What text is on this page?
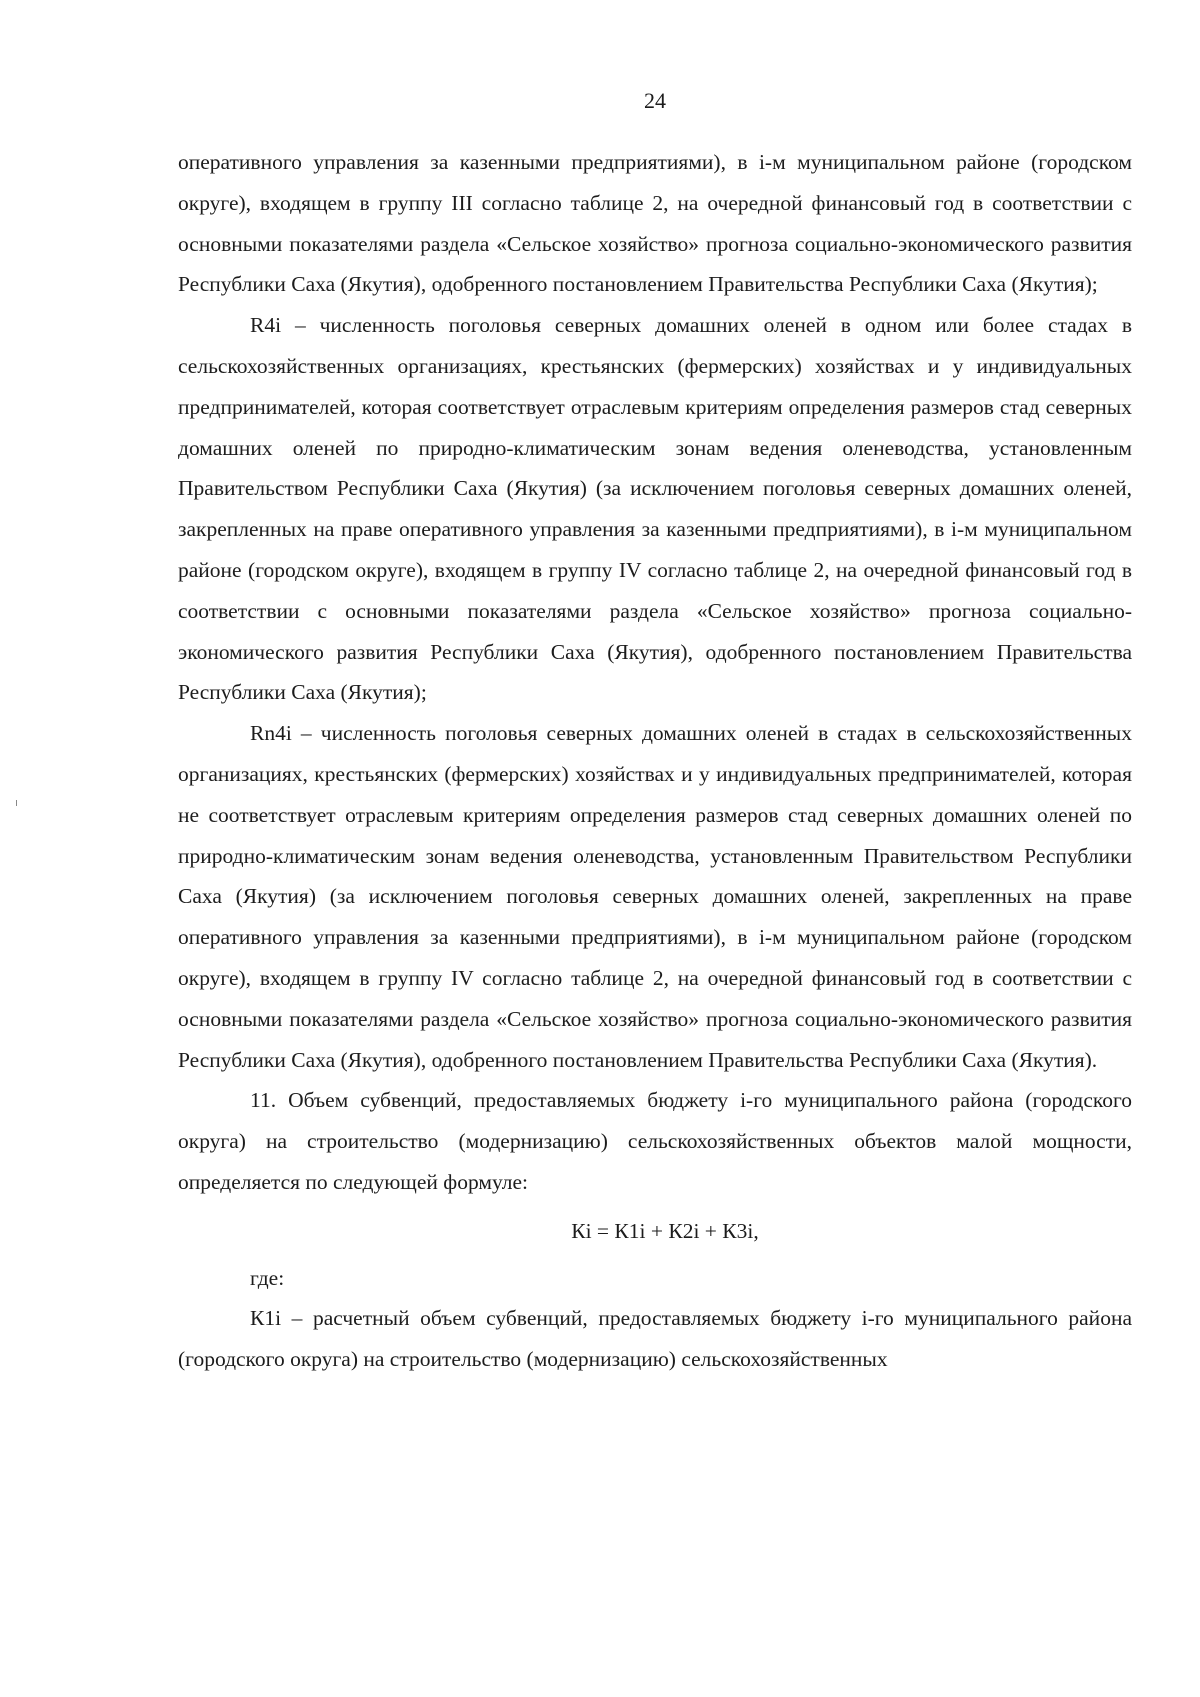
24

оперативного управления за казенными предприятиями), в i-м муниципальном районе (городском округе), входящем в группу III согласно таблице 2, на очередной финансовый год в соответствии с основными показателями раздела «Сельское хозяйство» прогноза социально-экономического развития Республики Саха (Якутия), одобренного постановлением Правительства Республики Саха (Якутия);

R4i – численность поголовья северных домашних оленей в одном или более стадах в сельскохозяйственных организациях, крестьянских (фермерских) хозяйствах и у индивидуальных предпринимателей, которая соответствует отраслевым критериям определения размеров стад северных домашних оленей по природно-климатическим зонам ведения оленеводства, установленным Правительством Республики Саха (Якутия) (за исключением поголовья северных домашних оленей, закрепленных на праве оперативного управления за казенными предприятиями), в i-м муниципальном районе (городском округе), входящем в группу IV согласно таблице 2, на очередной финансовый год в соответствии с основными показателями раздела «Сельское хозяйство» прогноза социально-экономического развития Республики Саха (Якутия), одобренного постановлением Правительства Республики Саха (Якутия);

Rn4i – численность поголовья северных домашних оленей в стадах в сельскохозяйственных организациях, крестьянских (фермерских) хозяйствах и у индивидуальных предпринимателей, которая не соответствует отраслевым критериям определения размеров стад северных домашних оленей по природно-климатическим зонам ведения оленеводства, установленным Правительством Республики Саха (Якутия) (за исключением поголовья северных домашних оленей, закрепленных на праве оперативного управления за казенными предприятиями), в i-м муниципальном районе (городском округе), входящем в группу IV согласно таблице 2, на очередной финансовый год в соответствии с основными показателями раздела «Сельское хозяйство» прогноза социально-экономического развития Республики Саха (Якутия), одобренного постановлением Правительства Республики Саха (Якутия).

11. Объем субвенций, предоставляемых бюджету i-го муниципального района (городского округа) на строительство (модернизацию) сельскохозяйственных объектов малой мощности, определяется по следующей формуле:

Кi = К1i + К2i + К3i,

где:

К1i – расчетный объем субвенций, предоставляемых бюджету i-го муниципального района (городского округа) на строительство (модернизацию) сельскохозяйственных
